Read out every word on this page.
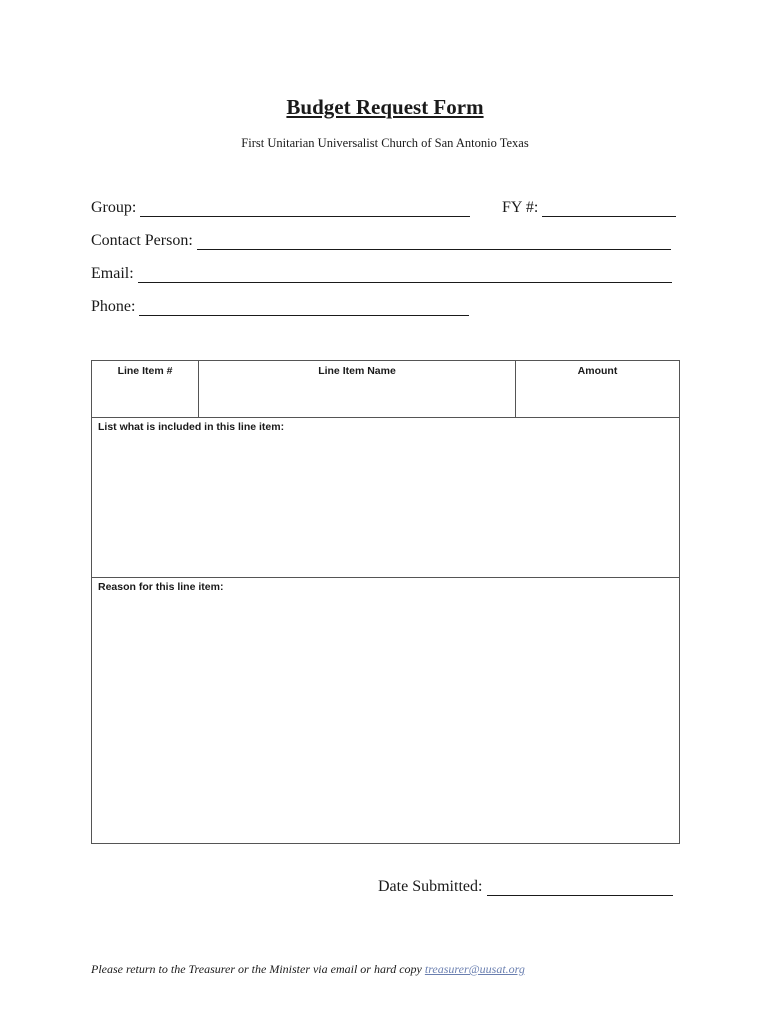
Budget Request Form
First Unitarian Universalist Church of San Antonio Texas
Group:	FY #:
Contact Person:
Email:
Phone:
Line Item #	Line Item Name	Amount
List what is included in this line item:
Reason for this line item:
Date Submitted:
Please return to the Treasurer or the Minister via email or hard copy treasurer@uusat.org
